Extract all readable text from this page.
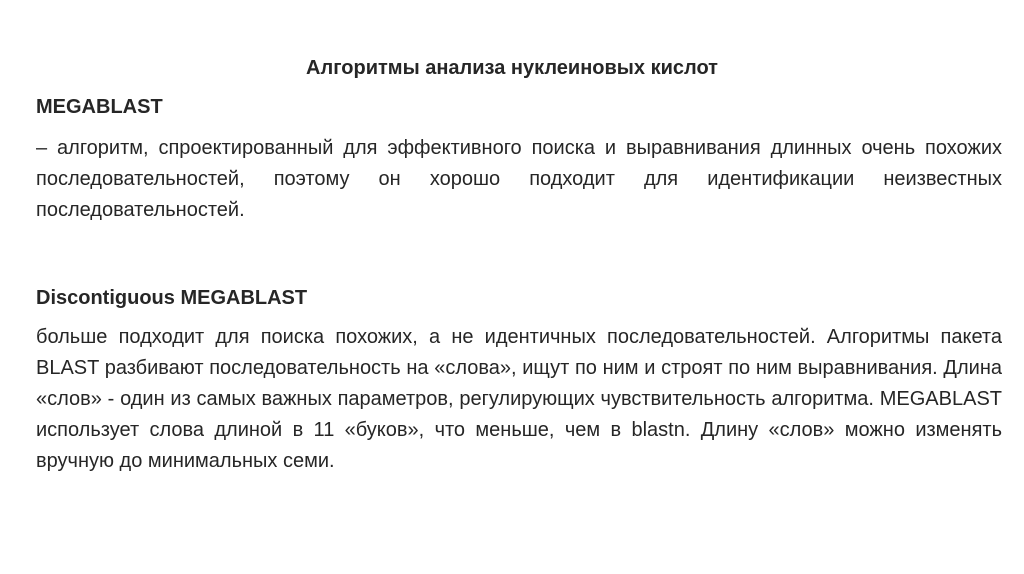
Алгоритмы анализа нуклеиновых кислот
MEGABLAST
– алгоритм, спроектированный для эффективного поиска и выравнивания длинных очень похожих последовательностей, поэтому он хорошо подходит для идентификации неизвестных последовательностей.
Discontiguous MEGABLAST
больше подходит для поиска похожих, а не идентичных последовательностей. Алгоритмы пакета BLAST разбивают последовательность на «слова», ищут по ним и строят по ним выравнивания. Длина «слов» - один из самых важных параметров, регулирующих чувствительность алгоритма. MEGABLAST использует слова длиной в 11 «буков», что меньше, чем в blastn. Длину «слов» можно изменять вручную до минимальных семи.
